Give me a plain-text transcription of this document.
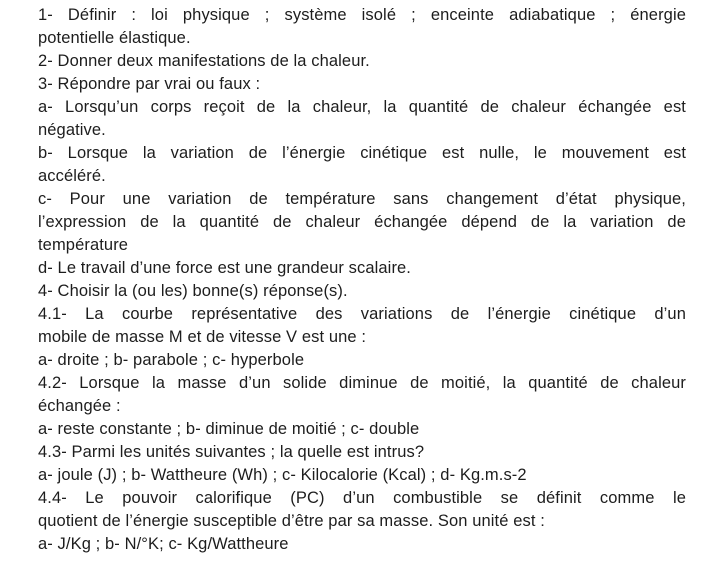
1- Définir : loi physique ; système isolé ; enceinte adiabatique ; énergie
potentielle élastique.
2- Donner deux manifestations de la chaleur.
3- Répondre par vrai ou faux :
a- Lorsqu’un corps reçoit de la chaleur, la quantité de chaleur échangée est
négative.
b- Lorsque la variation de l’énergie cinétique est nulle, le mouvement est
accéléré.
c- Pour une variation de température sans changement d’état physique,
l’expression de la quantité de chaleur échangée dépend de la variation de
température
d- Le travail d’une force est une grandeur scalaire.
4- Choisir la (ou les) bonne(s) réponse(s).
4.1- La courbe représentative des variations de l’énergie cinétique d’un
mobile de masse M et de vitesse V est une :
a- droite ; b- parabole ; c- hyperbole
4.2- Lorsque la masse d’un solide diminue de moitié, la quantité de chaleur
échangée :
a- reste constante ; b- diminue de moitié ; c- double
4.3- Parmi les unités suivantes ; la quelle est intrus?
a- joule (J) ; b- Wattheure (Wh) ; c- Kilocalorie (Kcal) ; d- Kg.m.s-2
4.4- Le pouvoir calorifique (PC) d’un combustible se définit comme le
quotient de l’énergie susceptible d’être par sa masse. Son unité est :
a- J/Kg ; b- N/°K; c- Kg/Wattheure
